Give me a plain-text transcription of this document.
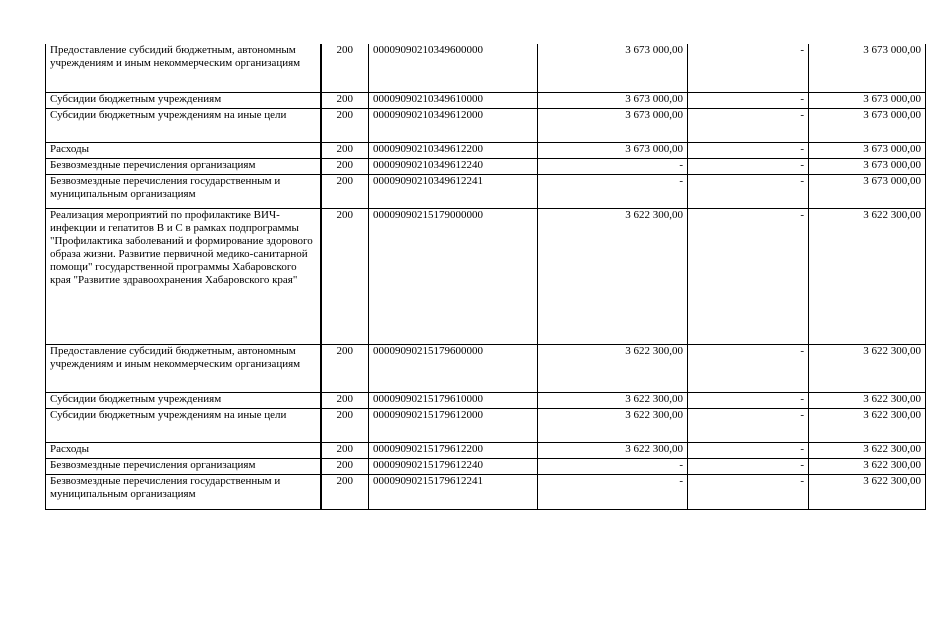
Предоставление субсидий бюджетным, автономным учреждениям и иным некоммерческим организациям	200	00009090210349600000	3 673 000,00	-	3 673 000,00
Субсидии бюджетным учреждениям	200	00009090210349610000	3 673 000,00	-	3 673 000,00
Субсидии бюджетным учреждениям на иные цели	200	00009090210349612000	3 673 000,00	-	3 673 000,00
Расходы	200	00009090210349612200	3 673 000,00	-	3 673 000,00
Безвозмездные перечисления организациям	200	00009090210349612240	-	-	3 673 000,00
Безвозмездные перечисления государственным и муниципальным организациям	200	00009090210349612241	-	-	3 673 000,00
Реализация мероприятий по профилактике ВИЧ-инфекции и гепатитов В и С в рамках подпрограммы "Профилактика заболеваний и формирование здорового образа жизни. Развитие первичной медико-санитарной помощи" государственной программы Хабаровского края "Развитие здравоохранения Хабаровского края"	200	00009090215179000000	3 622 300,00	-	3 622 300,00
Предоставление субсидий бюджетным, автономным учреждениям и иным некоммерческим организациям	200	00009090215179600000	3 622 300,00	-	3 622 300,00
Субсидии бюджетным учреждениям	200	00009090215179610000	3 622 300,00	-	3 622 300,00
Субсидии бюджетным учреждениям на иные цели	200	00009090215179612000	3 622 300,00	-	3 622 300,00
Расходы	200	00009090215179612200	3 622 300,00	-	3 622 300,00
Безвозмездные перечисления организациям	200	00009090215179612240	-	-	3 622 300,00
Безвозмездные перечисления государственным и муниципальным организациям	200	00009090215179612241	-	-	3 622 300,00
